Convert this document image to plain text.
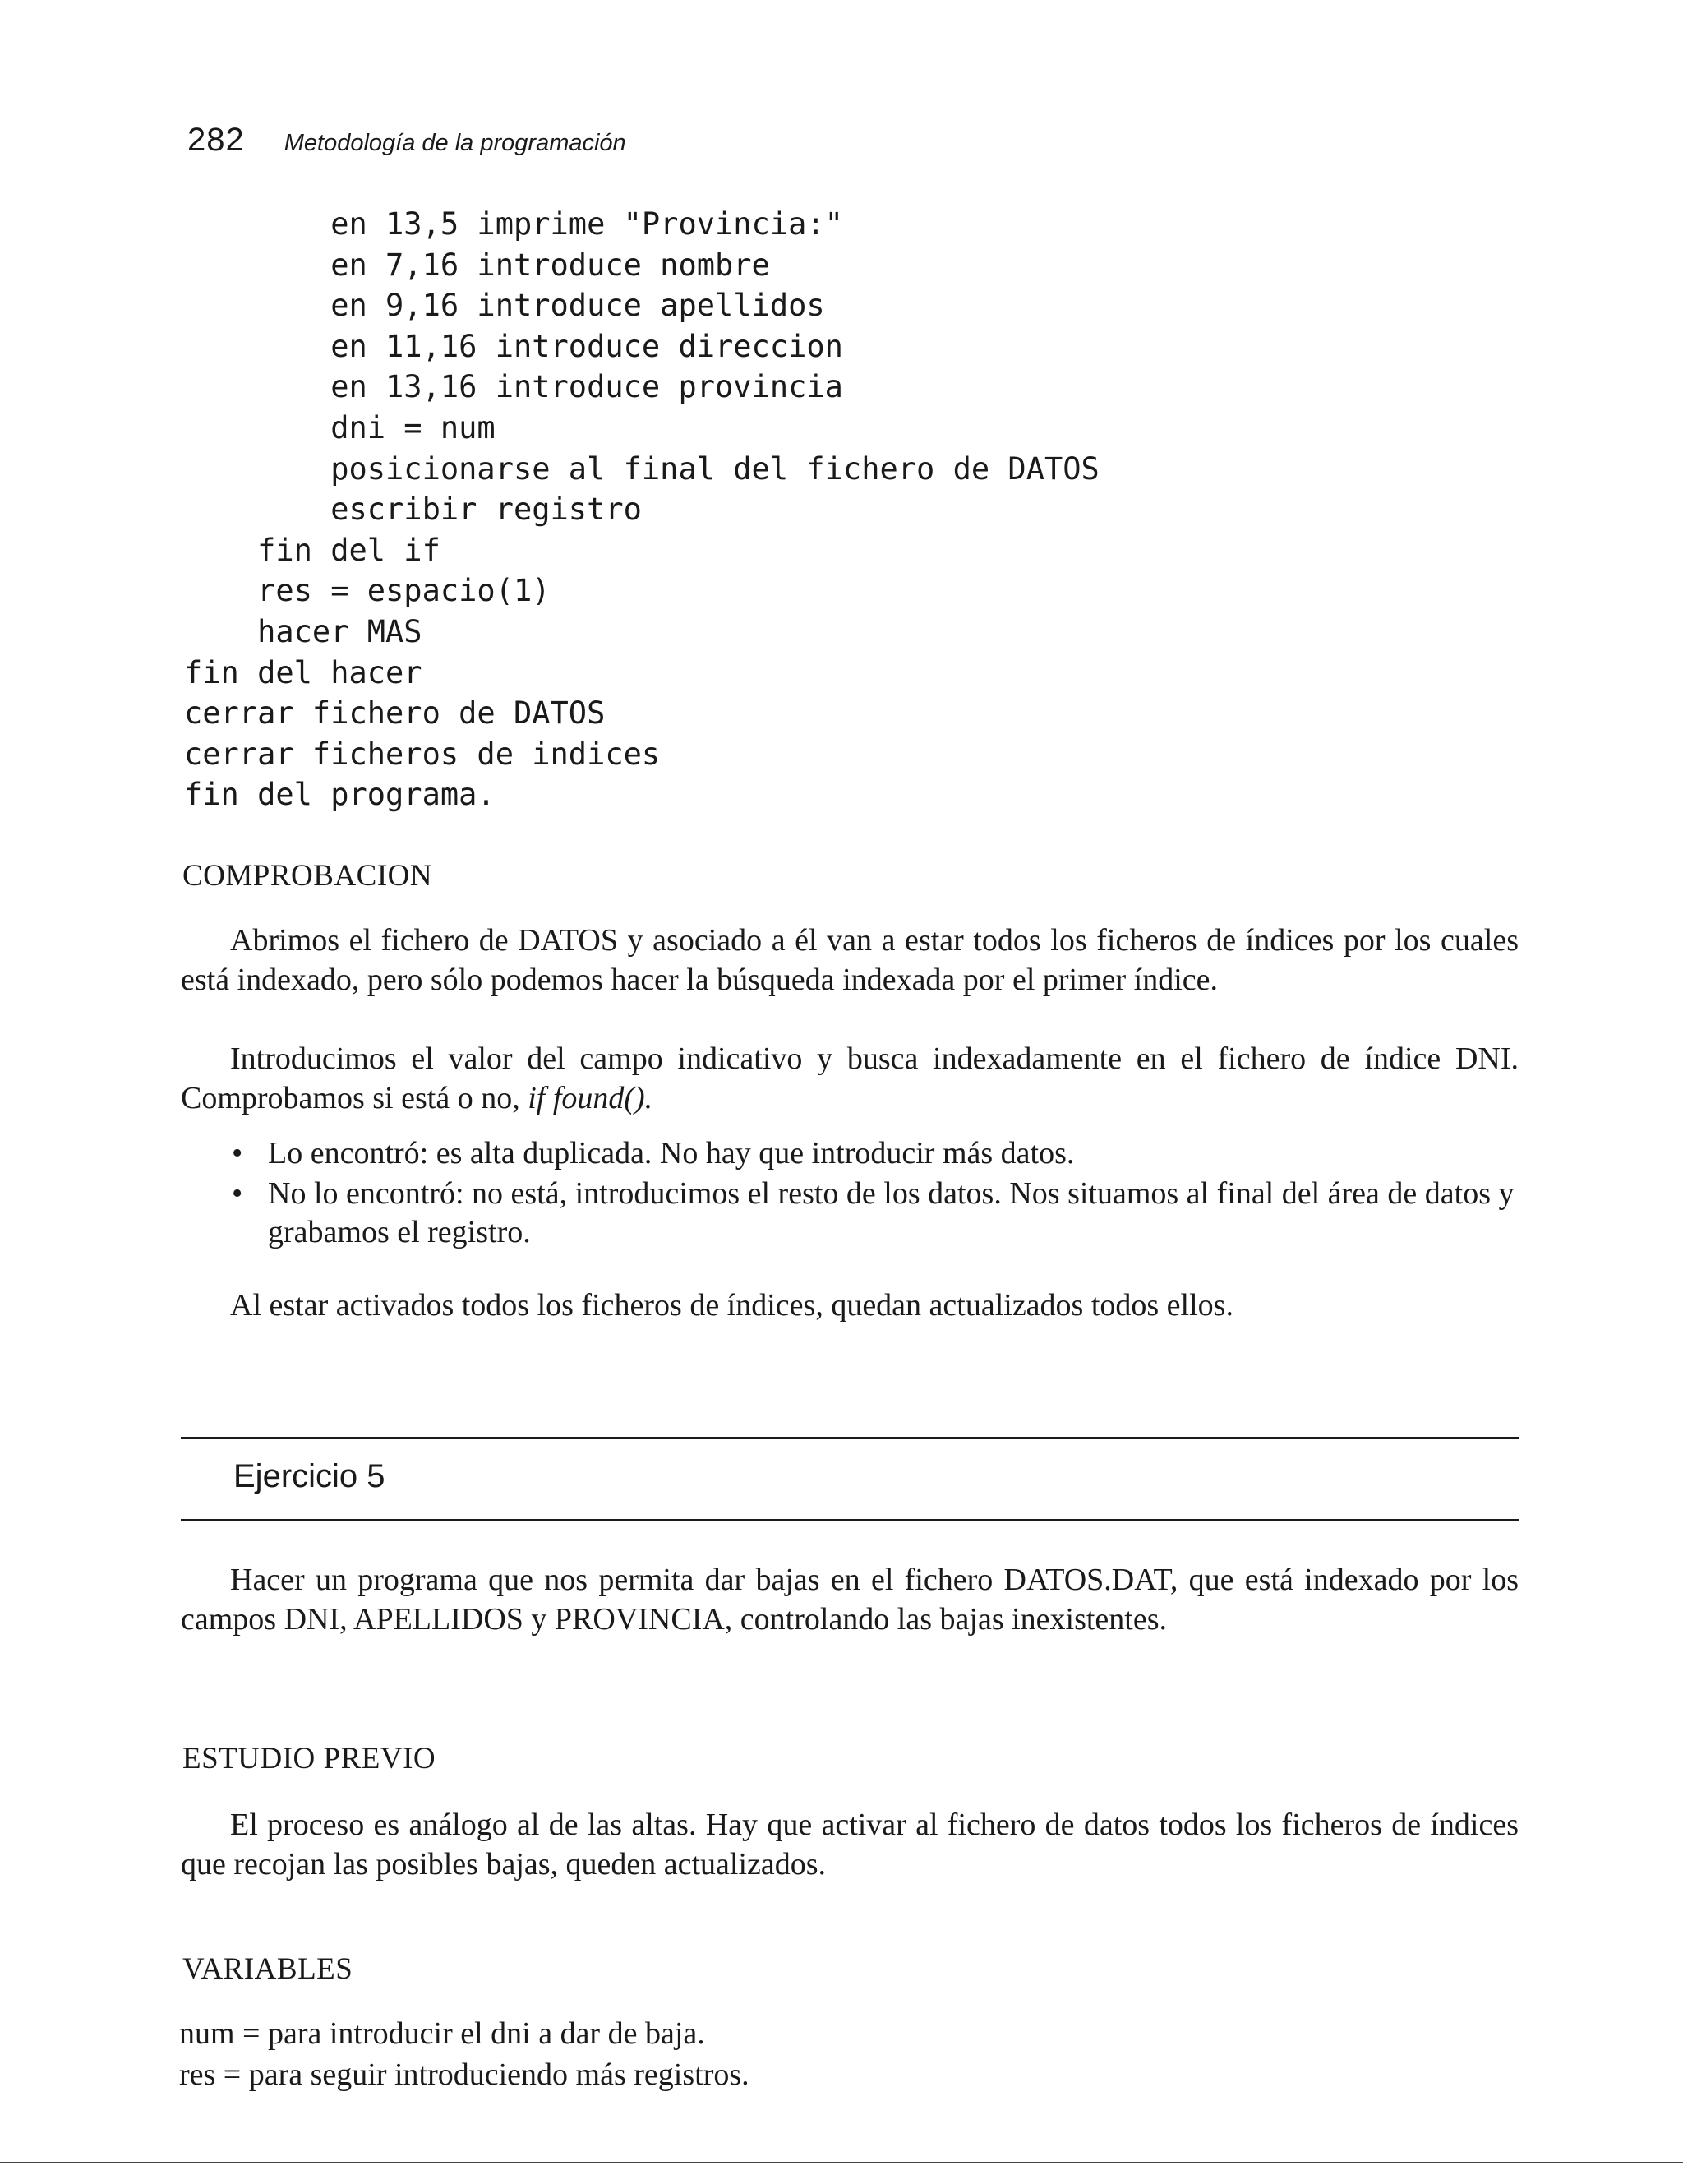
282 Metodología de la programación
en 13,5 imprime "Provincia:"
en 7,16 introduce nombre
en 9,16 introduce apellidos
en 11,16 introduce direccion
en 13,16 introduce provincia
dni = num
posicionarse al final del fichero de DATOS
escribir registro
fin del if
res = espacio(1)
hacer MAS
fin del hacer
cerrar fichero de DATOS
cerrar ficheros de indices
fin del programa.
COMPROBACION

Abrimos el fichero de DATOS y asociado a él van a estar todos los ficheros de índices por los cuales está indexado, pero sólo podemos hacer la búsqueda indexada por el primer índice.

Introducimos el valor del campo indicativo y busca indexadamente en el fichero de índice DNI. Comprobamos si está o no, if found().

• Lo encontró: es alta duplicada. No hay que introducir más datos.
• No lo encontró: no está, introducimos el resto de los datos. Nos situamos al final del área de datos y grabamos el registro.

Al estar activados todos los ficheros de índices, quedan actualizados todos ellos.

Ejercicio 5

Hacer un programa que nos permita dar bajas en el fichero DATOS.DAT, que está indexado por los campos DNI, APELLIDOS y PROVINCIA, controlando las bajas inexistentes.

ESTUDIO PREVIO

El proceso es análogo al de las altas. Hay que activar al fichero de datos todos los ficheros de índices que recojan las posibles bajas, queden actualizados.

VARIABLES
num = para introducir el dni a dar de baja.
res = para seguir introduciendo más registros.
